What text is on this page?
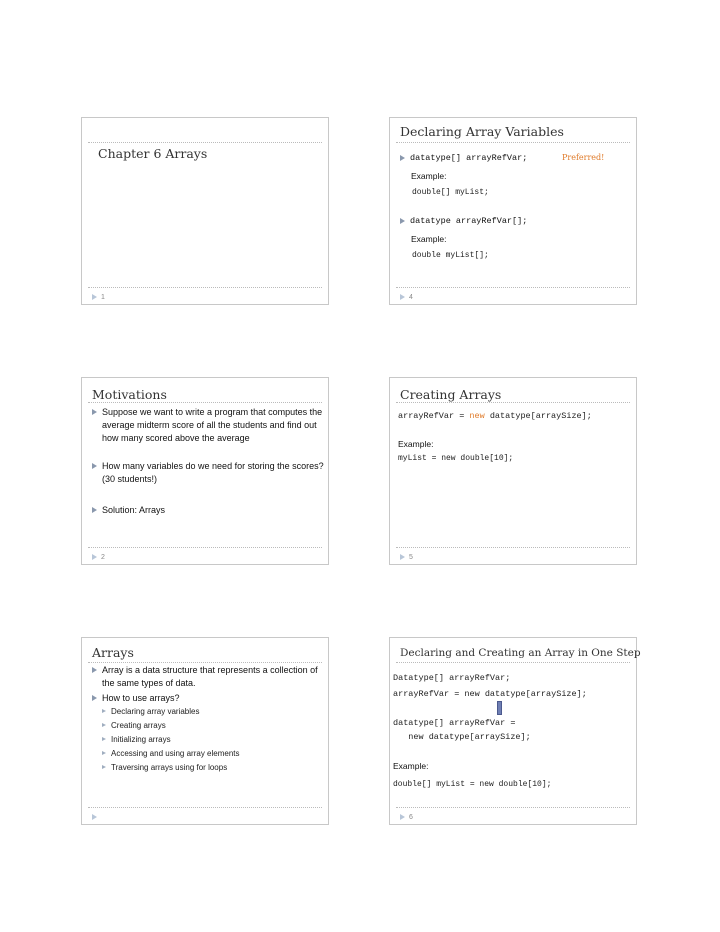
Chapter 6 Arrays
1
Declaring Array Variables
datatype[] arrayRefVar;	Preferred!
Example:
double[] myList;
datatype arrayRefVar[];
Example:
double myList[];
4
Motivations
Suppose we want to write a program that computes the average midterm score of all the students and find out how many scored above the average
How many variables do we need for storing the scores? (30 students!)
Solution: Arrays
2
Creating Arrays
arrayRefVar = new datatype[arraySize];
Example:
myList = new double[10];
5
Arrays
Array is a data structure that represents a collection of the same types of data.
How to use arrays?
Declaring array variables
Creating arrays
Initializing arrays
Accessing and using array elements
Traversing arrays using for loops
Declaring and Creating an Array in One Step
Datatype[] arrayRefVar;
arrayRefVar = new datatype[arraySize];
datatype[] arrayRefVar =
new datatype[arraySize];
Example:
double[] myList = new double[10];
6
